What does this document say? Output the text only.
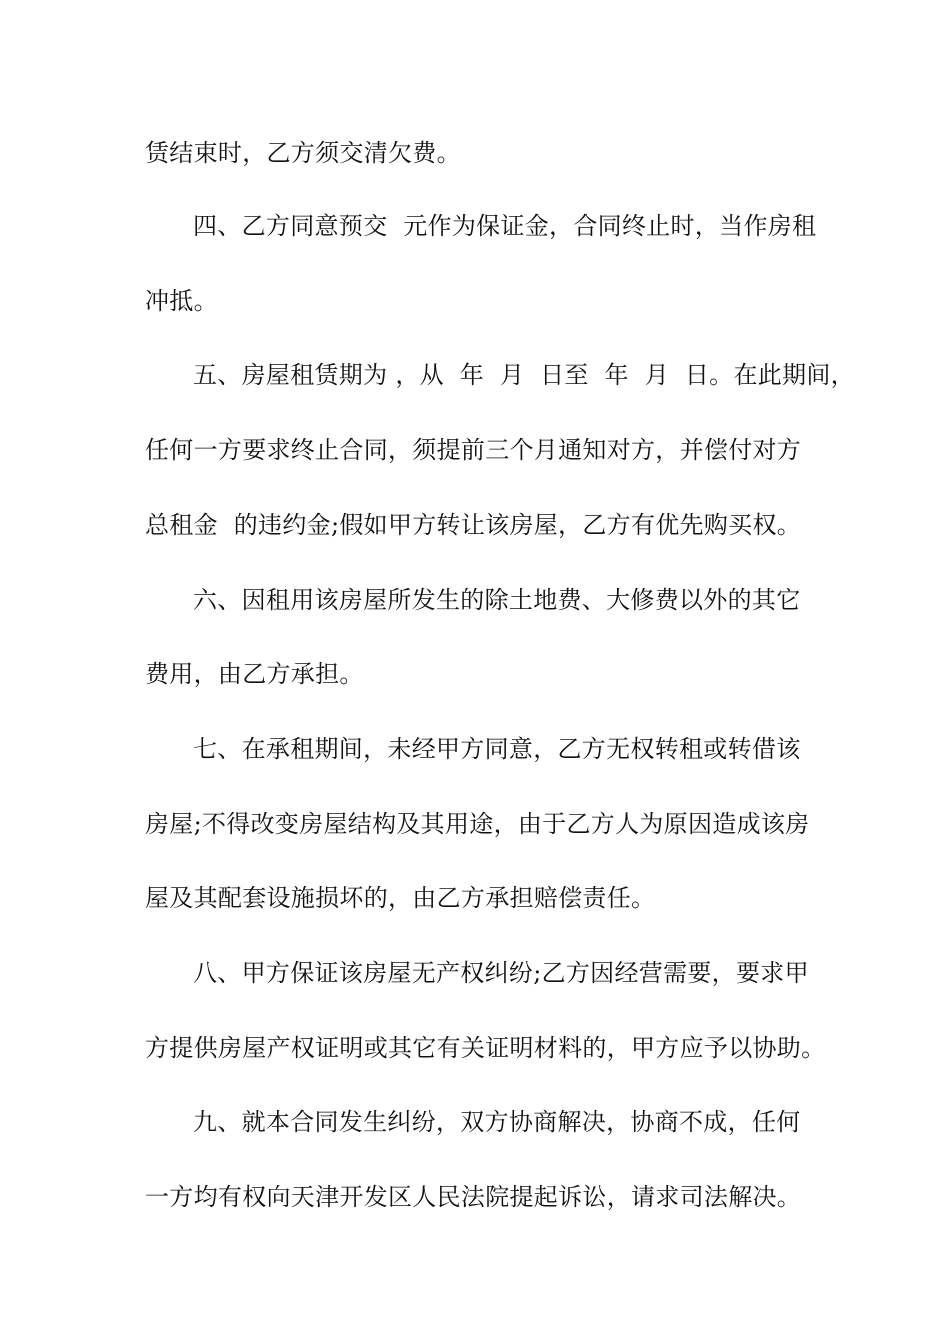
赁结束时，乙方须交清欠费。
四、乙方同意预交  元作为保证金，合同终止时，当作房租
冲抵。
五、房屋租赁期为 ，从  年  月  日至  年  月  日。在此期间，
任何一方要求终止合同，须提前三个月通知对方，并偿付对方
总租金  的违约金;假如甲方转让该房屋，乙方有优先购买权。
六、因租用该房屋所发生的除土地费、大修费以外的其它
费用，由乙方承担。
七、在承租期间，未经甲方同意，乙方无权转租或转借该
房屋;不得改变房屋结构及其用途，由于乙方人为原因造成该房
屋及其配套设施损坏的，由乙方承担赔偿责任。
八、甲方保证该房屋无产权纠纷;乙方因经营需要，要求甲
方提供房屋产权证明或其它有关证明材料的，甲方应予以协助。
九、就本合同发生纠纷，双方协商解决，协商不成，任何
一方均有权向天津开发区人民法院提起诉讼，请求司法解决。
